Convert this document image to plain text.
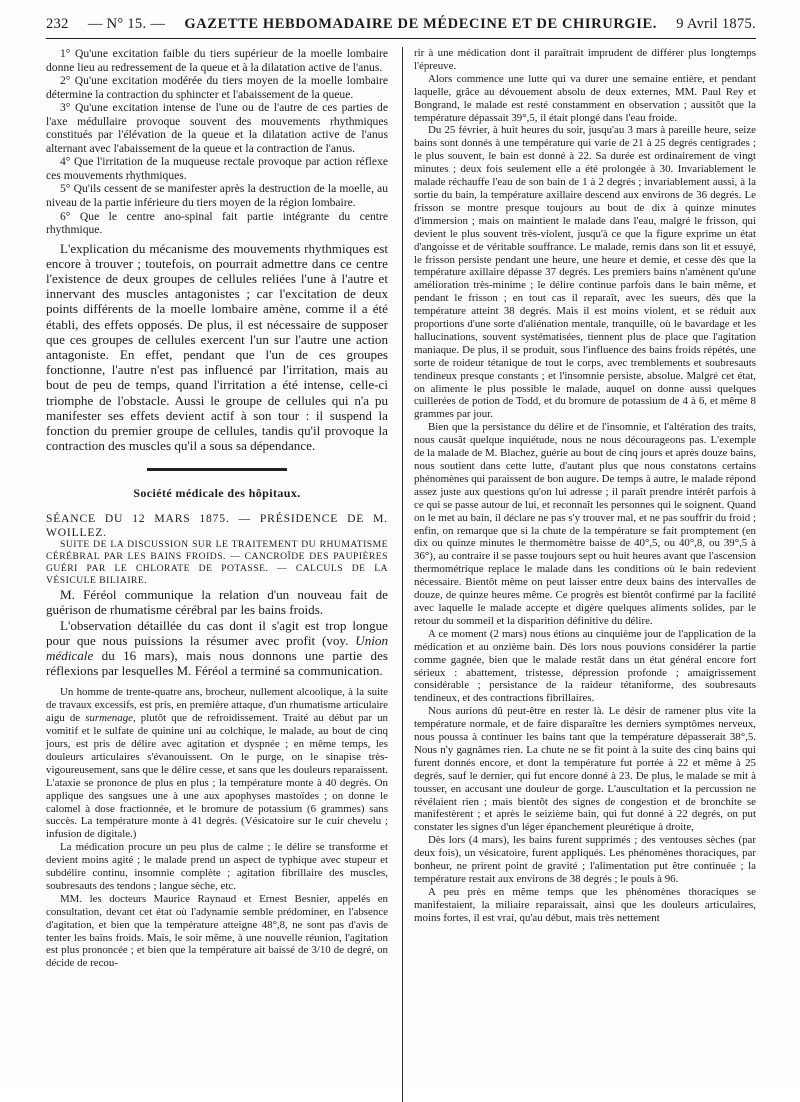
232 — N° 15. — GAZETTE HEBDOMADAIRE DE MÉDECINE ET DE CHIRURGIE. 9 Avril 1875.

1° Qu'une excitation faible du tiers supérieur de la moelle lombaire donne lieu au redressement de la queue et à la dilatation active de l'anus.

2° Qu'une excitation modérée du tiers moyen de la moelle lombaire détermine la contraction du sphincter et l'abaissement de la queue.

3° Qu'une excitation intense de l'une ou de l'autre de ces parties de l'axe médullaire provoque souvent des mouvements rhythmiques constitués par l'élévation de la queue et la dilatation active de l'anus alternant avec l'abaissement de la queue et la contraction de l'anus.

4° Que l'irritation de la muqueuse rectale provoque par action réflexe ces mouvements rhythmiques.

5° Qu'ils cessent de se manifester après la destruction de la moelle, au niveau de la partie inférieure du tiers moyen de la région lombaire.

6° Que le centre ano-spinal fait partie intégrante du centre rhythmique.

L'explication du mécanisme des mouvements rhythmiques est encore à trouver ; toutefois, on pourrait admettre dans ce centre l'existence de deux groupes de cellules reliées l'une à l'autre et innervant des muscles antagonistes ; car l'excitation de deux points différents de la moelle lombaire amène, comme il a été établi, des effets opposés. De plus, il est nécessaire de supposer que ces groupes de cellules exercent l'un sur l'autre une action antagoniste. En effet, pendant que l'un de ces groupes fonctionne, l'autre n'est pas influencé par l'irritation, mais au bout de peu de temps, quand l'irritation a été intense, celle-ci triomphe de l'obstacle. Aussi le groupe de cellules qui n'a pu manifester ses effets devient actif à son tour : il suspend la fonction du premier groupe de cellules, tandis qu'il provoque la contraction des muscles qu'il a sous sa dépendance.

Société médicale des hôpitaux.

SÉANCE DU 12 MARS 1875. — PRÉSIDENCE DE M. WOILLEZ.

SUITE DE LA DISCUSSION SUR LE TRAITEMENT DU RHUMATISME CÉRÉBRAL PAR LES BAINS FROIDS. — CANCROÏDE DES PAUPIÈRES GUÉRI PAR LE CHLORATE DE POTASSE. — CALCULS DE LA VÉSICULE BILIAIRE.

M. Féréol communique la relation d'un nouveau fait de guérison de rhumatisme cérébral par les bains froids.

L'observation détaillée du cas dont il s'agit est trop longue pour que nous puissions la résumer avec profit (voy. Union médicale du 16 mars), mais nous donnons une partie des réflexions par lesquelles M. Féréol a terminé sa communication.

Un homme de trente-quatre ans, brocheur, nullement alcoolique, à la suite de travaux excessifs, est pris, en première attaque, d'un rhumatisme articulaire aigu de surmenage, plutôt que de refroidissement. Traité au début par un vomitif et le sulfate de quinine uni au colchique, le malade, au bout de cinq jours, est pris de délire avec agitation et dyspnée ; en même temps, les douleurs articulaires s'évanouissent. On le purge, on le sinapise très-vigoureusement, sans que le délire cesse, et sans que les douleurs reparaissent. L'ataxie se prononce de plus en plus ; la température monte à 40 degrés. On applique des sangsues une à une aux apophyses mastoïdes ; on donne le calomel à dose fractionnée, et le bromure de potassium (6 grammes) sans succès. La température monte à 41 degrés. (Vésicatoire sur le cuir chevelu ; infusion de digitale.)

La médication procure un peu plus de calme ; le délire se transforme et devient moins agité ; le malade prend un aspect de typhique avec stupeur et subdélire continu, insomnie complète ; agitation fibrillaire des muscles, soubresauts des tendons ; langue sèche, etc.

MM. les docteurs Maurice Raynaud et Ernest Besnier, appelés en consultation, devant cet état où l'adynamie semble prédominer, en l'absence d'agitation, et bien que la température atteigne 48°,8, ne sont pas d'avis de tenter les bains froids. Mais, le soir même, à une nouvelle réunion, l'agitation est plus prononcée ; et bien que la température ait baissé de 3/10 de degré, on décide de recou-

rir à une médication dont il paraîtrait imprudent de différer plus longtemps l'épreuve.

Alors commence une lutte qui va durer une semaine entière, et pendant laquelle, grâce au dévouement absolu de deux externes, MM. Paul Rey et Bongrand, le malade est resté constamment en observation ; aussitôt que la température dépassait 39°,5, il était plongé dans l'eau froide.

Du 25 février, à huit heures du soir, jusqu'au 3 mars à pareille heure, seize bains sont donnés à une température qui varie de 21 à 25 degrés centigrades ; le plus souvent, le bain est donné à 22. Sa durée est ordinairement de vingt minutes ; deux fois seulement elle a été prolongée à 30. Invariablement le malade réchauffe l'eau de son bain de 1 à 2 degrés ; invariablement aussi, à la sortie du bain, la température axillaire descend aux environs de 36 degrés. Le frisson se montre presque toujours au bout de dix à quinze minutes d'immersion ; mais on maintient le malade dans l'eau, malgré le frisson, qui devient le plus souvent très-violent, jusqu'à ce que la figure exprime un état d'angoisse et de véritable souffrance. Le malade, remis dans son lit et essuyé, le frisson persiste pendant une heure, une heure et demie, et cesse dès que la température axillaire dépasse 37 degrés. Les premiers bains n'amènent qu'une amélioration très-minime ; le délire continue parfois dans le bain même, et pendant le frisson ; en tout cas il reparaît, avec les sueurs, dès que la température atteint 38 degrés. Mais il est moins violent, et se réduit aux proportions d'une sorte d'aliénation mentale, tranquille, où le bavardage et les hallucinations, souvent systématisées, tiennent plus de place que l'agitation maniaque. De plus, il se produit, sous l'influence des bains froids répétés, une sorte de roideur tétanique de tout le corps, avec tremblements et soubresauts tendineux presque constants ; et l'insomnie persiste, absolue. Malgré cet état, on alimente le plus possible le malade, auquel on donne aussi quelques cuillerées de potion de Todd, et du bromure de potassium de 4 à 6, et même 8 grammes par jour.

Bien que la persistance du délire et de l'insomnie, et l'altération des traits, nous causât quelque inquiétude, nous ne nous décourageons pas. L'exemple de la malade de M. Blachez, guérie au bout de cinq jours et après douze bains, nous soutient dans cette lutte, d'autant plus que nous constatons certains phénomènes qui paraissent de bon augure. De temps à autre, le malade répond assez juste aux questions qu'on lui adresse ; il paraît prendre intérêt parfois à ce qui se passe autour de lui, et reconnaît les personnes qui le soignent. Quand on le met au bain, il déclare ne pas s'y trouver mal, et ne pas souffrir du froid ; enfin, on remarque que si la chute de la température se fait promptement (en dix ou quinze minutes le thermomètre baisse de 40°,5, ou 40°,8, ou 39°,5 à 36°), au contraire il se passe toujours sept ou huit heures avant que l'ascension thermométrique replace le malade dans les conditions où le bain redevient nécessaire. Bientôt même on peut laisser entre deux bains des intervalles de douze, de quinze heures même. Ce progrès est bientôt confirmé par la facilité avec laquelle le malade accepte et digère quelques aliments solides, par le retour du sommeil et la disparition définitive du délire.

A ce moment (2 mars) nous étions au cinquième jour de l'application de la médication et au onzième bain. Dès lors nous pouvions considérer la partie comme gagnée, bien que le malade restât dans un état général encore fort sérieux : abattement, tristesse, dépression profonde ; amaigrissement considérable ; persistance de la raideur tétaniforme, des soubresauts tendineux, et des contractions fibrillaires.

Nous aurions dû peut-être en rester là. Le désir de ramener plus vite la température normale, et de faire disparaître les derniers symptômes nerveux, nous poussa à continuer les bains tant que la température dépasserait 38°,5. Nous n'y gagnâmes rien. La chute ne se fit point à la suite des cinq bains qui furent donnés encore, et dont la température fut portée à 22 et même à 25 degrés, sauf le dernier, qui fut encore donné à 23. De plus, le malade se mit à tousser, en accusant une douleur de gorge. L'auscultation et la percussion ne révélaient rien ; mais bientôt des signes de congestion et de bronchite se manifestèrent ; et après le seizième bain, qui fut donné à 22 degrés, on put constater les signes d'un léger épanchement pleurétique à droite,

Dès lors (4 mars), les bains furent supprimés ; des ventouses sèches (par deux fois), un vésicatoire, furent appliqués. Les phénomènes thoraciques, par bonheur, ne prirent point de gravité ; l'alimentation put être continuée ; la température restait aux environs de 38 degrés ; le pouls à 96.

A peu près en même temps que les phénomènes thoraciques se manifestaient, la miliaire reparaissait, ainsi que les douleurs articulaires, moins fortes, il est vrai, qu'au début, mais très nettement
